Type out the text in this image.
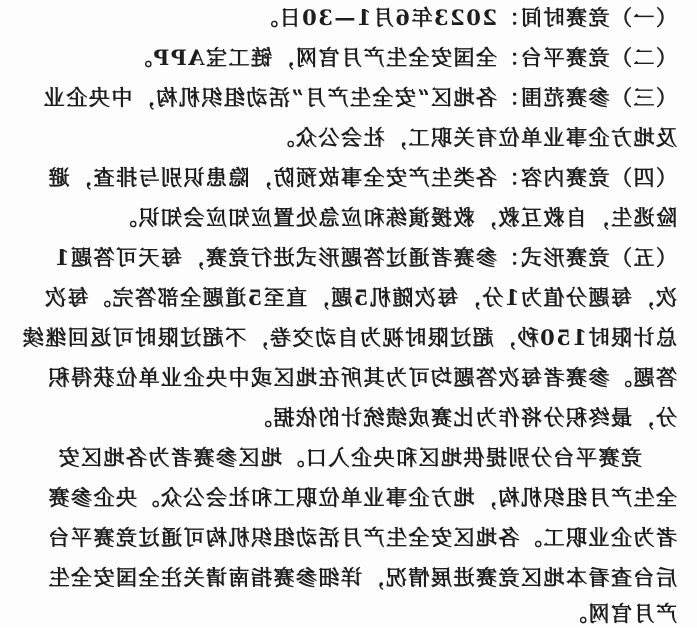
（一）竞赛时间：2023年6月1—30日。
（二）竞赛平台：全国安全生产月官网，链工宝APP。
（三）参赛范围：各地区“安全生产月”活动组织机构，中央企业
及地方企事业单位有关职工，社会公众。
（四）竞赛内容：各类生产安全事故预防，隐患识别与排查，避
险逃生，自救互救，救援演练和应急处置应知应会知识。
（五）竞赛形式：参赛者通过答题形式进行竞赛，每天可答题1
次，每题分值为1分，每次随机5题，直至5道题全部答完。每次
总计限时150秒，超过限时视为自动交卷，不超过限时可返回继续
答题。参赛者每次答题均可为其所在地区或中央企业单位获得积
分，最终积分将作为比赛成绩统计的依据。
竞赛平台分别提供地区和央企入口。地区参赛者为各地区安
全生产月组织机构，地方企事业单位职工和社会公众。央企参赛
者为企业职工。各地区安全生产月活动组织机构可通过竞赛平台
后台查看本地区竞赛进展情况，详细参赛指南请关注全国安全生
产月官网。
